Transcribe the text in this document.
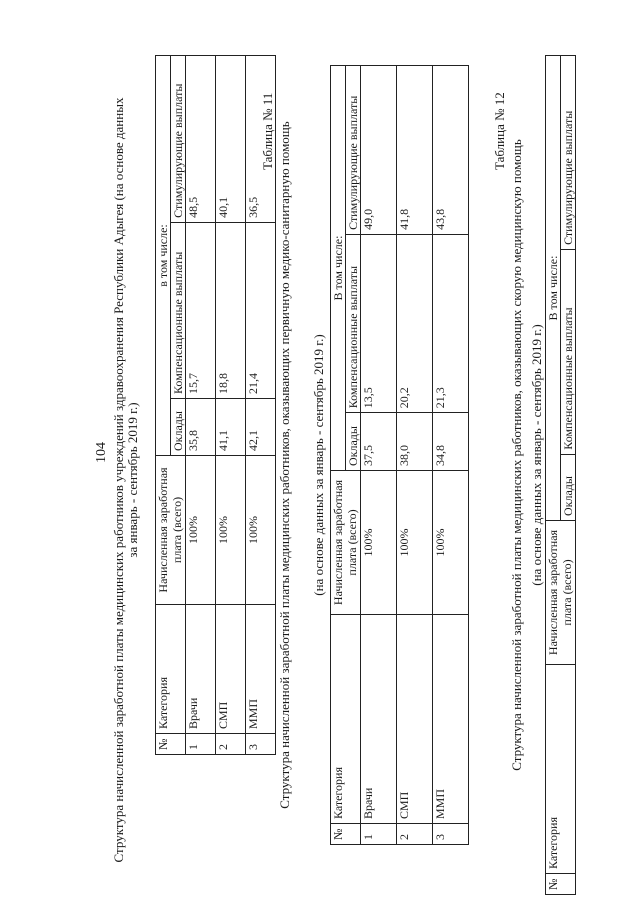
104 Структура начисленной заработной платы медицинских работников учреждений здравоохранения Республики Адыгея (на основе данных за январь - сентябрь 2019 г.)
№	Категория	Начисленная заработная плата (всего)	в том числе:		
			Оклады	Компенсационные выплаты	Стимулирующие выплаты
1	Врачи	100%	35,8	15,7	48,5
2	СМП	100%	41,1	18,8	40,1
3	ММП	100%	42,1	21,4	36,5
Таблица № 11 Структура начисленной заработной платы медицинских работников, оказывающих первичную медико-санитарную помощь (на основе данных за январь - сентябрь 2019 г.)
№	Категория	Начисленная заработная плата (всего)	В том числе:		
			Оклады	Компенсационные выплаты	Стимулирующие выплаты
1	Врачи	100%	37,5	13,5	49,0
2	СМП	100%	38,0	20,2	41,8
3	ММП	100%	34,8	21,3	43,8
Таблица № 12
Структура начисленной заработной платы медицинских работников, оказывающих скорую медицинскую помощь (на основе данных за январь - сентябрь 2019 г.)
№	Категория	Начисленная заработная плата (всего)	В том числе:		
			Оклады	Компенсационные выплаты	Стимулирующие выплаты
